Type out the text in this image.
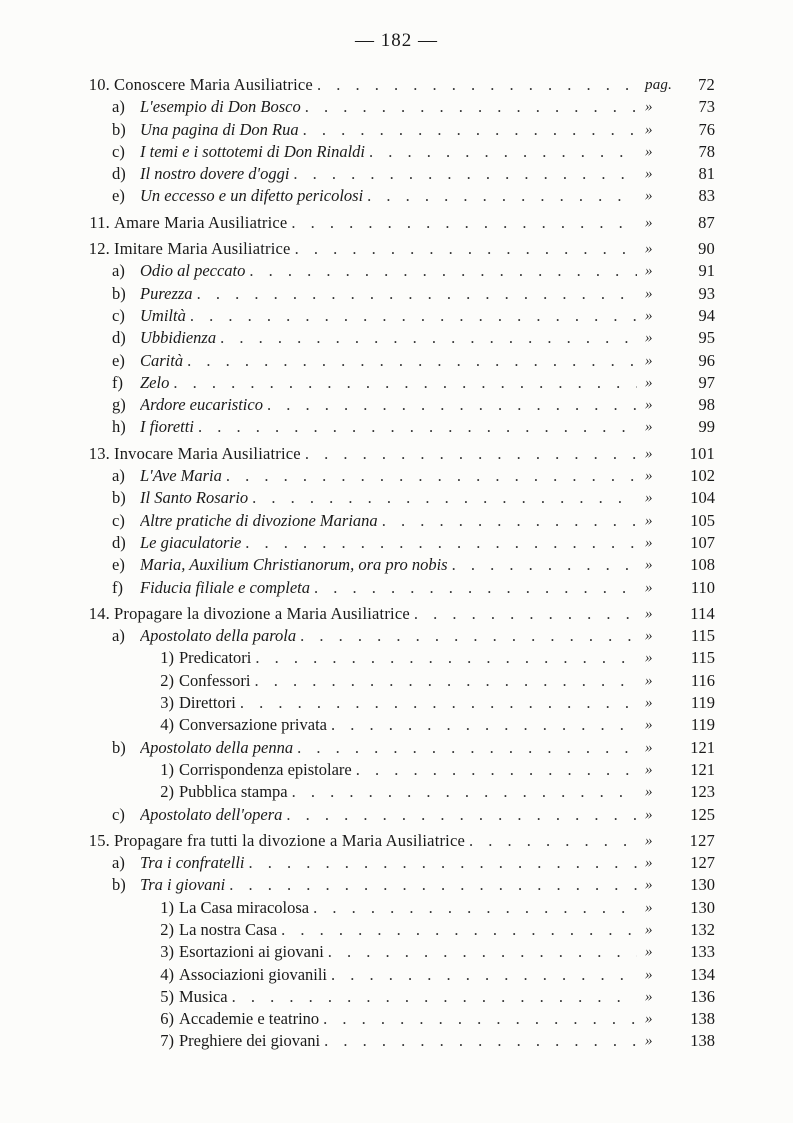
— 182 —
10. Conoscere Maria Ausiliatrice . . .	pag.	72
a) L'esempio di Don Bosco . . .	»	73
b) Una pagina di Don Rua . . .	»	76
c) I temi e i sottotemi di Don Rinaldi . . .	»	78
d) Il nostro dovere d'oggi . . .	»	81
e) Un eccesso e un difetto pericolosi . . .	»	83
11. Amare Maria Ausiliatrice . . .	»	87
12. Imitare Maria Ausiliatrice . . .	»	90
a) Odio al peccato . . .	»	91
b) Purezza . . .	»	93
c) Umiltà . . .	»	94
d) Ubbidienza . . .	»	95
e) Carità . . .	»	96
f)	Zelo . . .	»	97
g) Ardore eucaristico . . .	»	98
h) I fioretti . . .	»	99
13. Invocare Maria Ausiliatrice . . .	» 101
a) L'Ave Maria . . .	»	102
b) Il Santo Rosario . . .	»	104
c) Altre pratiche di divozione Mariana . . .	»	105
d) Le giaculatorie . . .	»	107
e) Maria, Auxilium Christianorum, ora pro nobis . . .	»	108
f)	Fiducia filiale e completa . . .	»	110
14. Propagare la divozione a Maria Ausiliatrice . . .	»	114
a) Apostolato della parola . . .	»	115
1) Predicatori . . .	»	115
2) Confessori . . .	»	116
3) Direttori . . .	»	119
4) Conversazione privata . . .	»	119
b) Apostolato della penna . . .	»	121
1) Corrispondenza epistolare . . .	»	121
2) Pubblica stampa . . .	»	123
c) Apostolato dell'opera . . .	»	125
15. Propagare fra tutti la divozione a Maria Ausiliatrice . . .	» 127
a) Tra i confratelli . . .	»	127
b) Tra i giovani . . .	»	130
1) La Casa miracolosa . . .	»	130
2) La nostra Casa . . .	»	132
3) Esortazioni ai giovani . . .	»	133
4) Associazioni giovanili . . .	»	134
5) Musica . . .	»	136
6) Accademie e teatrino . . .	»	138
7) Preghiere dei giovani . . .	»	138
